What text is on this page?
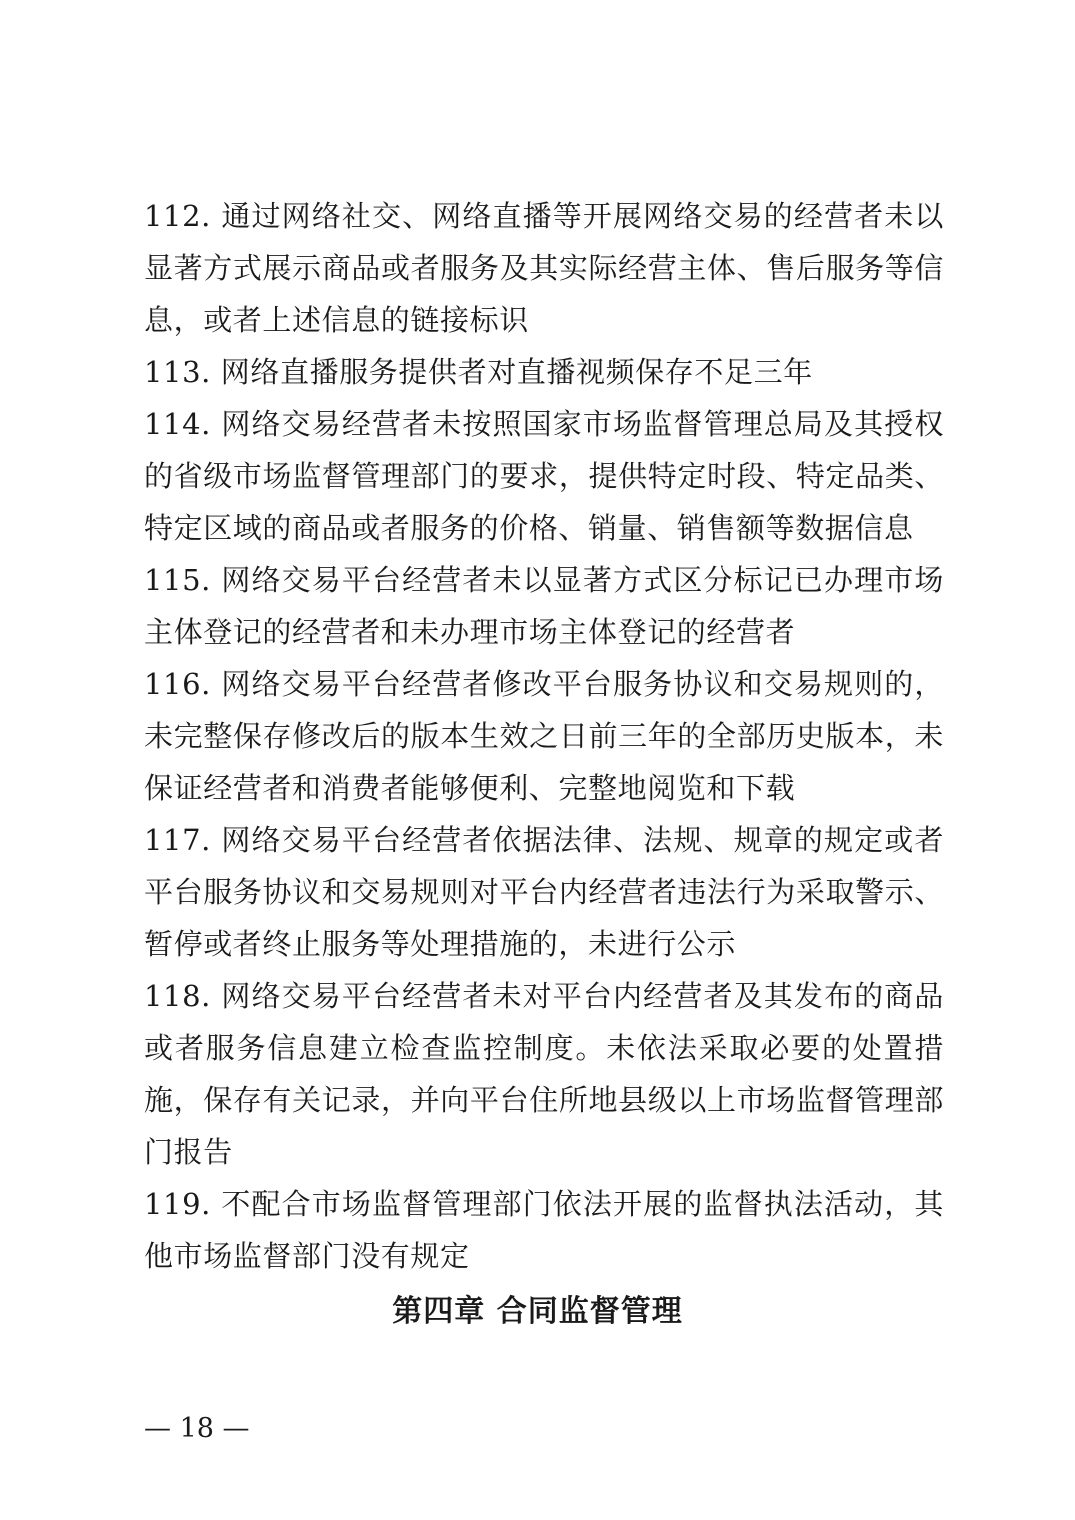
112. 通过网络社交、网络直播等开展网络交易的经营者未以显著方式展示商品或者服务及其实际经营主体、售后服务等信息，或者上述信息的链接标识

113. 网络直播服务提供者对直播视频保存不足三年

114. 网络交易经营者未按照国家市场监督管理总局及其授权的省级市场监督管理部门的要求，提供特定时段、特定品类、特定区域的商品或者服务的价格、销量、销售额等数据信息

115. 网络交易平台经营者未以显著方式区分标记已办理市场主体登记的经营者和未办理市场主体登记的经营者

116. 网络交易平台经营者修改平台服务协议和交易规则的，未完整保存修改后的版本生效之日前三年的全部历史版本，未保证经营者和消费者能够便利、完整地阅览和下载

117. 网络交易平台经营者依据法律、法规、规章的规定或者平台服务协议和交易规则对平台内经营者违法行为采取警示、暂停或者终止服务等处理措施的，未进行公示

118. 网络交易平台经营者未对平台内经营者及其发布的商品或者服务信息建立检查监控制度。未依法采取必要的处置措施，保存有关记录，并向平台住所地县级以上市场监督管理部门报告

119. 不配合市场监督管理部门依法开展的监督执法活动，其他市场监督部门没有规定

第四章 合同监督管理
— 18 —
